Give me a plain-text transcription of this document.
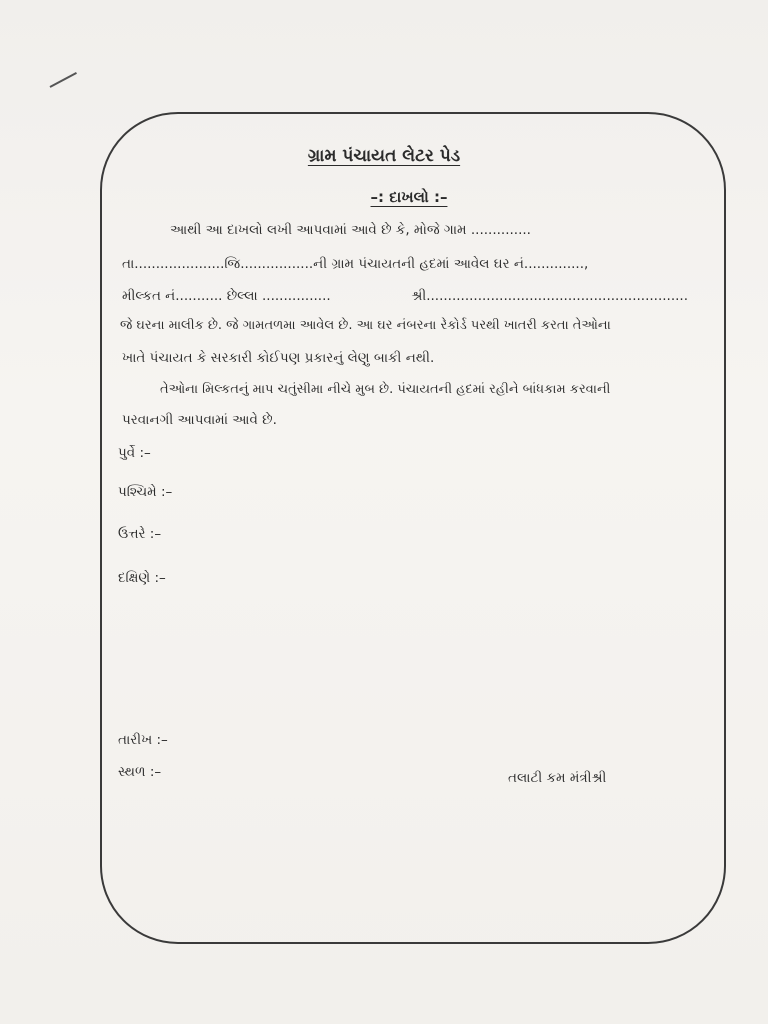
ગ્રામ પંચાયત લેટર પેડ
–: દાખલો :–
આથી આ દાખલો લખી આપવામાં આવે છે કે, મોજે ગામ ..............
તા.....................જિ.................ની ગ્રામ પંચાયતની હદમાં આવેલ ઘર નં..............,
મીલ્કત નં........... છેલ્લા ................	શ્રી.............................................................
જે ઘરના માલીક છે. જે ગામતળમા આવેલ છે. આ ઘર નંબરના રેકોર્ડ પરથી ખાતરી કરતા તેઓના
ખાતે પંચાયત કે સરકારી કોઈપણ પ્રકારનું લેણુ બાકી નથી.
તેઓના મિલ્કતનું માપ ચતુંસીમા નીચે મુબ છે. પંચાયતની હદમાં રહીને બાંધકામ કરવાની
પરવાનગી આપવામાં આવે છે.
પુર્વે :–
પશ્ચિમે :–
ઉત્તરે :–
દક્ષિણે :–
તારીખ :–
સ્થળ :–	તલાટી કમ મંત્રીશ્રી
